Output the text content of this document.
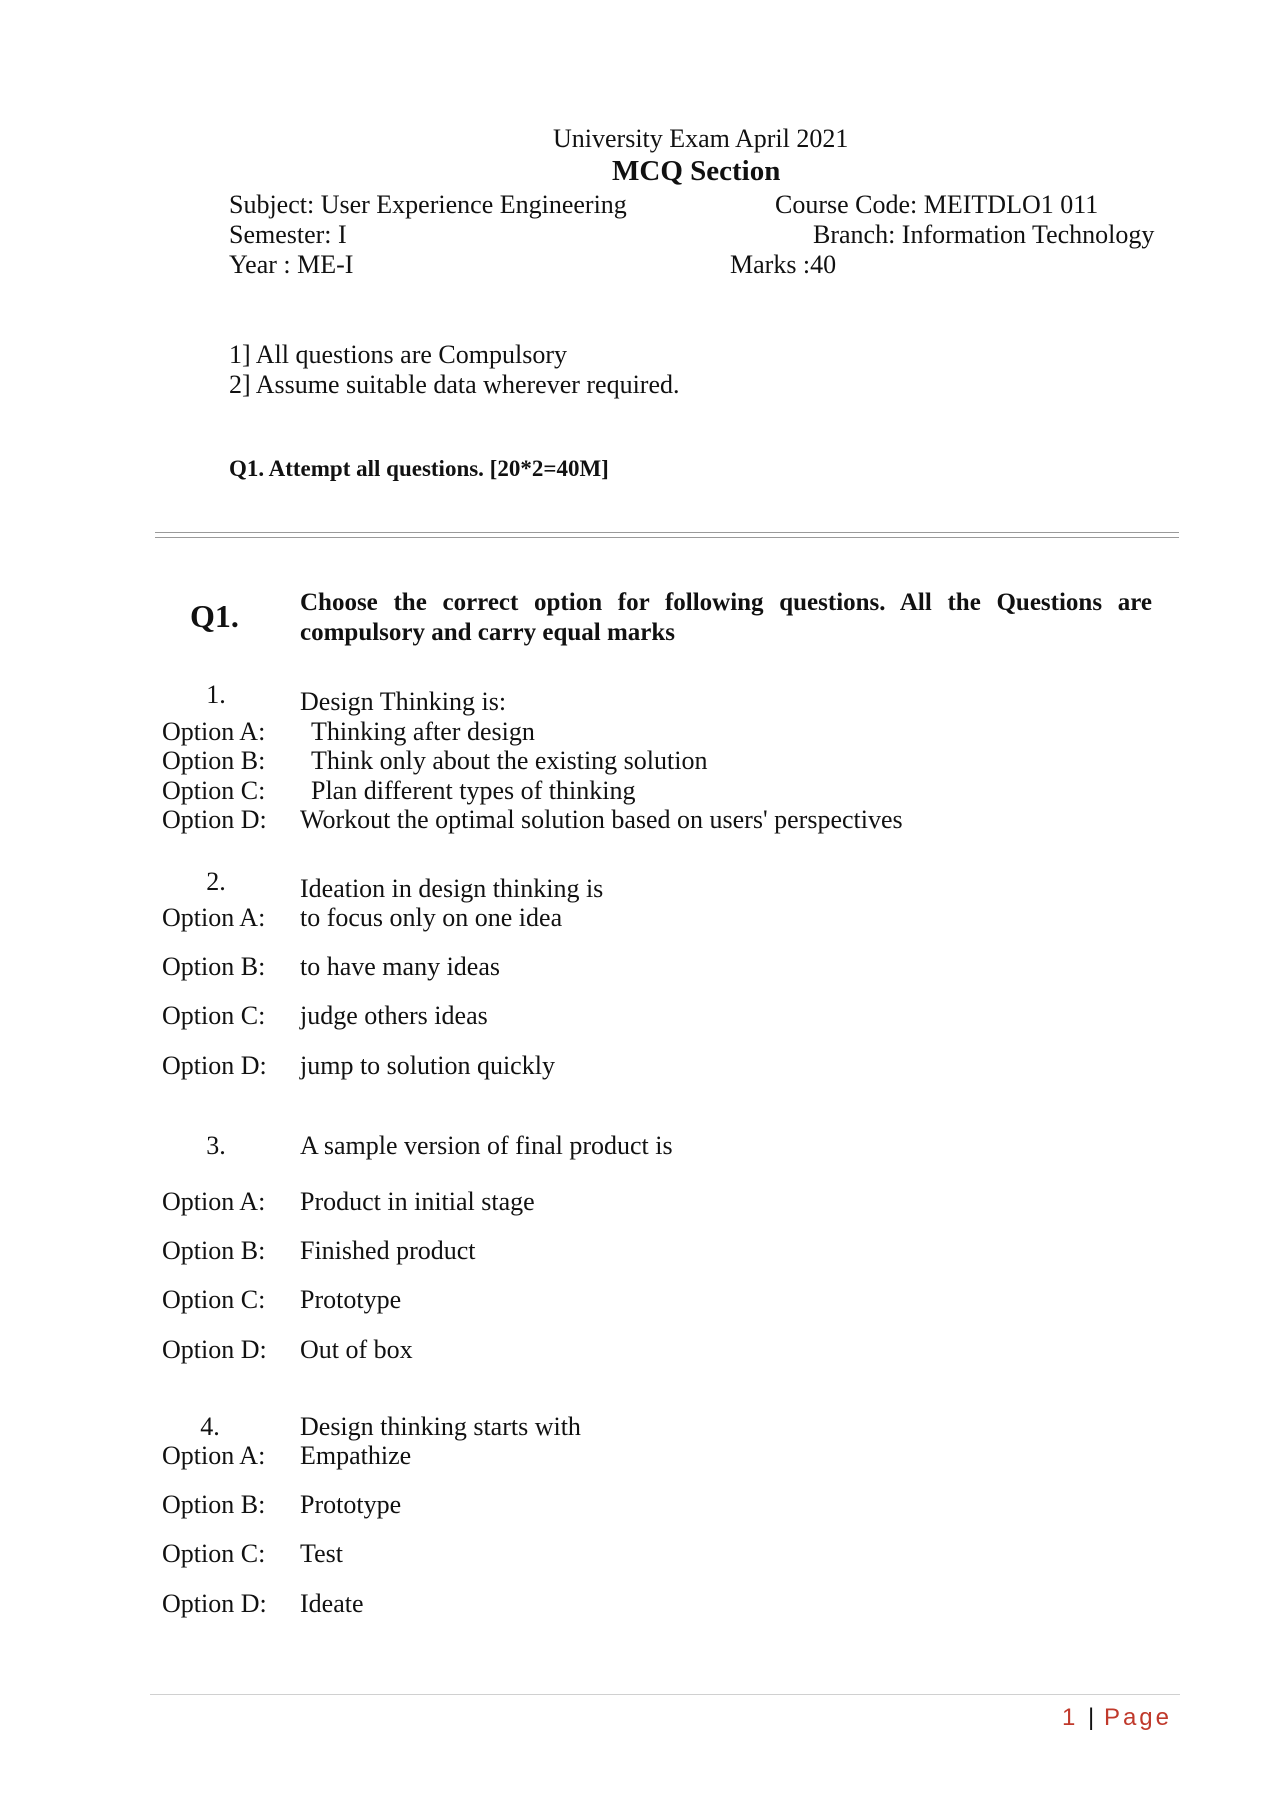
University Exam April 2021
MCQ Section
Subject: User Experience Engineering	Course Code: MEITDLO1 011
Semester: I	Branch: Information Technology
Year : ME-I	Marks :40
1] All questions are Compulsory
2] Assume suitable data wherever required.
Q1. Attempt all questions. [20*2=40M]
Q1. Choose the correct option for following questions. All the Questions are
compulsory and carry equal marks
1.	Design Thinking is:
Option A: Thinking after design
Option B: Think only about the existing solution
Option C: Plan different types of thinking
Option D: Workout the optimal solution based on users' perspectives
2.	Ideation in design thinking is
Option A: to focus only on one idea
Option B: to have many ideas
Option C: judge others ideas
Option D: jump to solution quickly
3.	A sample version of final product is
Option A: Product in initial stage
Option B: Finished product
Option C: Prototype
Option D: Out of box
4.	Design thinking starts with
Option A: Empathize
Option B: Prototype
Option C: Test
Option D: Ideate
1 | Page
